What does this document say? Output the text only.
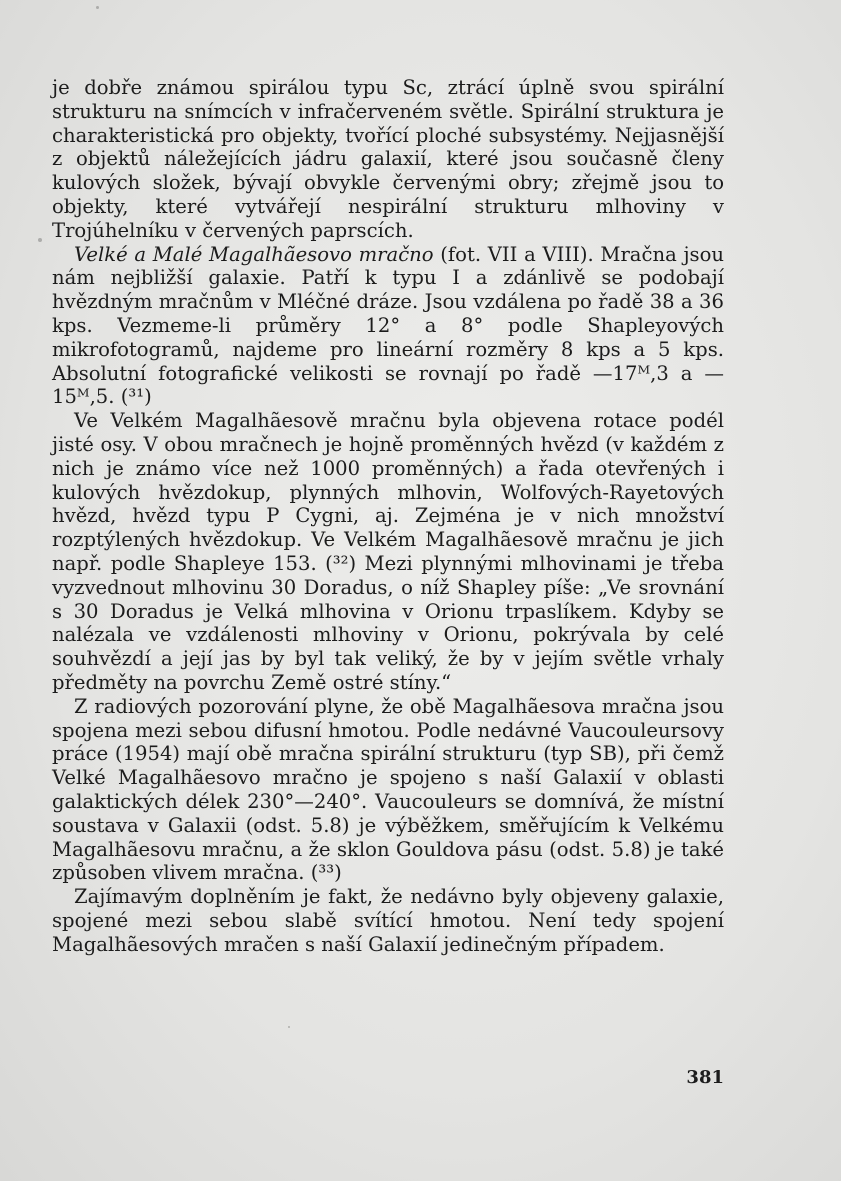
je dobře známou spirálou typu Sc, ztrácí úplně svou spirální strukturu na snímcích v infračerveném světle. Spirální struktura je charakteristická pro objekty, tvořící ploché subsystémy. Nejjasnější z objektů náležejících jádru galaxií, které jsou současně členy kulových složek, bývají obvykle červenými obry; zřejmě jsou to objekty, které vytvářejí nespirální strukturu mlhoviny v Trojúhelníku v červených paprscích.

Velké a Malé Magalhãesovo mračno (fot. VII a VIII). Mračna jsou nám nejbližší galaxie. Patří k typu I a zdánlivě se podobají hvězdným mračnům v Mléčné dráze. Jsou vzdálena po řadě 38 a 36 kps. Vezmeme-li průměry 12° a 8° podle Shapleyových mikrofotogramů, najdeme pro lineární rozměry 8 kps a 5 kps. Absolutní fotografické velikosti se rovnají po řadě —17ᴹ,3 a —15ᴹ,5. (³¹)

Ve Velkém Magalhãesově mračnu byla objevena rotace podél jisté osy. V obou mračnech je hojně proměnných hvězd (v každém z nich je známo více než 1000 proměnných) a řada otevřených i kulových hvězdokup, plynných mlhovin, Wolfových-Rayetových hvězd, hvězd typu P Cygni, aj. Zejména je v nich množství rozptýlených hvězdokup. Ve Velkém Magalhãesově mračnu je jich např. podle Shapleye 153. (³²) Mezi plynnými mlhovinami je třeba vyzvednout mlhovinu 30 Doradus, o níž Shapley píše: „Ve srovnání s 30 Doradus je Velká mlhovina v Orionu trpaslíkem. Kdyby se nalézala ve vzdálenosti mlhoviny v Orionu, pokrývala by celé souhvězdí a její jas by byl tak veliký, že by v jejím světle vrhaly předměty na povrchu Země ostré stíny.“

Z radiových pozorování plyne, že obě Magalhãesova mračna jsou spojena mezi sebou difusní hmotou. Podle nedávné Vaucouleursovy práce (1954) mají obě mračna spirální strukturu (typ SB), při čemž Velké Magalhãesovo mračno je spojeno s naší Galaxií v oblasti galaktických délek 230°—240°. Vaucouleurs se domnívá, že místní soustava v Galaxii (odst. 5.8) je výběžkem, směřujícím k Velkému Magalhãesovu mračnu, a že sklon Gouldova pásu (odst. 5.8) je také způsoben vlivem mračna. (³³)

Zajímavým doplněním je fakt, že nedávno byly objeveny galaxie, spojené mezi sebou slabě svítící hmotou. Není tedy spojení Magalhãesových mračen s naší Galaxií jedinečným případem.

381
